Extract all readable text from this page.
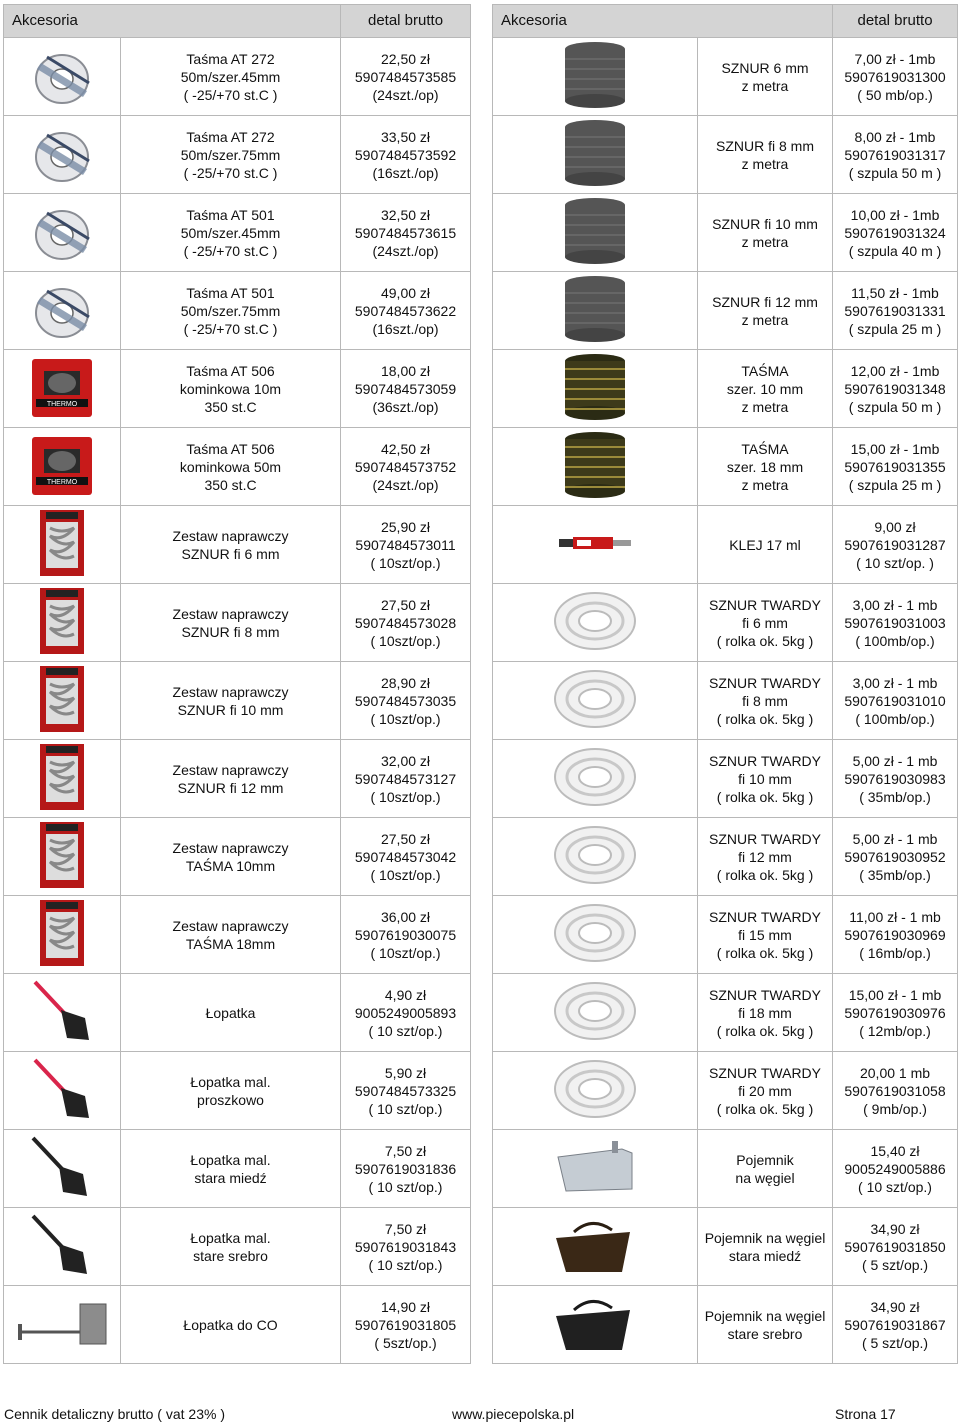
Akcesoria		detal brutto

Taśma AT 272
50m/szer.45mm
( -25/+70 st.C )	22,50 zł
5907484573585
(24szt./op)

Taśma AT 272
50m/szer.75mm
( -25/+70 st.C )	33,50 zł
5907484573592
(16szt./op)

Taśma AT 501
50m/szer.45mm
( -25/+70 st.C )	32,50 zł
5907484573615
(24szt./op)

Taśma AT 501
50m/szer.75mm
( -25/+70 st.C )	49,00 zł
5907484573622
(16szt./op)

THERMO	Taśma AT 506
kominkowa 10m
350 st.C	18,00 zł
5907484573059
(36szt./op)

THERMO	Taśma AT 506
kominkowa 50m
350 st.C	42,50 zł
5907484573752
(24szt./op)

Zestaw naprawczy
SZNUR fi 6 mm	25,90 zł
5907484573011
( 10szt/op.)

Zestaw naprawczy
SZNUR fi 8 mm	27,50 zł
5907484573028
( 10szt/op.)

Zestaw naprawczy
SZNUR fi 10 mm	28,90 zł
5907484573035
( 10szt/op.)

Zestaw naprawczy
SZNUR fi 12 mm	32,00 zł
5907484573127
( 10szt/op.)

Zestaw naprawczy
TAŚMA 10mm	27,50 zł
5907484573042
( 10szt/op.)

Zestaw naprawczy
TAŚMA 18mm	36,00 zł
5907619030075
( 10szt/op.)

Łopatka	4,90 zł
9005249005893
( 10 szt/op.)

Łopatka mal.
proszkowo	5,90 zł
5907484573325
( 10 szt/op.)

Łopatka mal.
stara miedź	7,50 zł
5907619031836
( 10 szt/op.)

Łopatka mal.
stare srebro	7,50 zł
5907619031843
( 10 szt/op.)

Łopatka do CO	14,90 zł
5907619031805
( 5szt/op.)
Akcesoria		detal brutto

SZNUR 6 mm
z metra	7,00 zł - 1mb
5907619031300
( 50 mb/op.)

SZNUR fi 8 mm
z metra	8,00 zł - 1mb
5907619031317
( szpula 50 m )

SZNUR fi 10 mm
z metra	10,00 zł - 1mb
5907619031324
( szpula 40 m )

SZNUR fi 12 mm
z metra	11,50 zł - 1mb
5907619031331
( szpula 25 m )

TAŚMA
szer. 10 mm
z metra	12,00 zł - 1mb
5907619031348
( szpula 50 m )

TAŚMA
szer. 18 mm
z metra	15,00 zł - 1mb
5907619031355
( szpula 25 m )

KLEJ 17 ml	9,00 zł
5907619031287
( 10 szt/op. )

SZNUR TWARDY
fi 6 mm
( rolka ok. 5kg )	3,00 zł - 1 mb
5907619031003
( 100mb/op.)

SZNUR TWARDY
fi 8 mm
( rolka ok. 5kg )	3,00 zł - 1 mb
5907619031010
( 100mb/op.)

SZNUR TWARDY
fi 10 mm
( rolka ok. 5kg )	5,00 zł - 1 mb
5907619030983
( 35mb/op.)

SZNUR TWARDY
fi 12 mm
( rolka ok. 5kg )	5,00 zł - 1 mb
5907619030952
( 35mb/op.)

SZNUR TWARDY
fi 15 mm
( rolka ok. 5kg )	11,00 zł - 1 mb
5907619030969
( 16mb/op.)

SZNUR TWARDY
fi 18 mm
( rolka ok. 5kg )	15,00 zł - 1 mb
5907619030976
( 12mb/op.)

SZNUR TWARDY
fi 20 mm
( rolka ok. 5kg )	20,00 1 mb
5907619031058
( 9mb/op.)

Pojemnik
na węgiel	15,40 zł
9005249005886
( 10 szt/op.)

Pojemnik na węgiel
stara miedź	34,90 zł
5907619031850
( 5 szt/op.)

Pojemnik na węgiel
stare srebro	34,90 zł
5907619031867
( 5 szt/op.)
Cennik detaliczny brutto ( vat 23% )	www.piecepolska.pl	Strona 17
